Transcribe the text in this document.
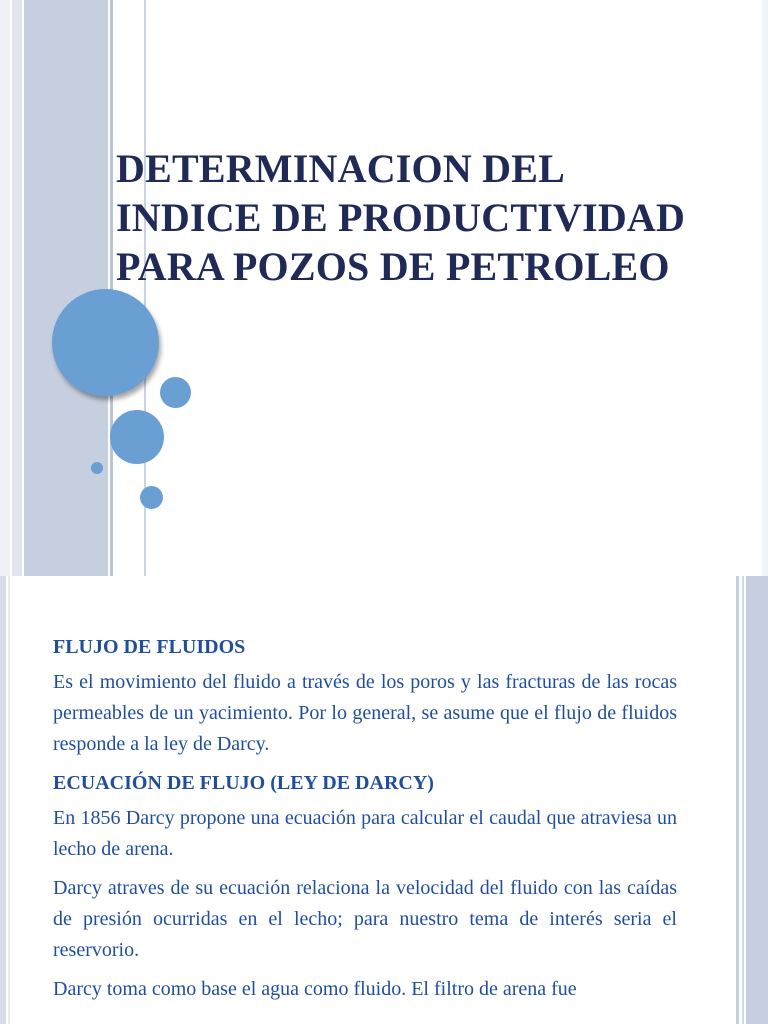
DETERMINACION DEL
INDICE DE PRODUCTIVIDAD
PARA POZOS DE PETROLEO

FLUJO DE FLUIDOS

Es el movimiento del fluido a través de los poros y las fracturas de las rocas permeables de un yacimiento. Por lo general, se asume que el flujo de fluidos responde a la ley de Darcy.

ECUACIÓN DE FLUJO (LEY DE DARCY)

En 1856 Darcy propone una ecuación para calcular el caudal que atraviesa un lecho de arena.

Darcy atraves de su ecuación relaciona la velocidad del fluido con las caídas de presión ocurridas en el lecho; para nuestro tema de interés seria el reservorio.

Darcy toma como base el agua como fluido. El filtro de arena fue
